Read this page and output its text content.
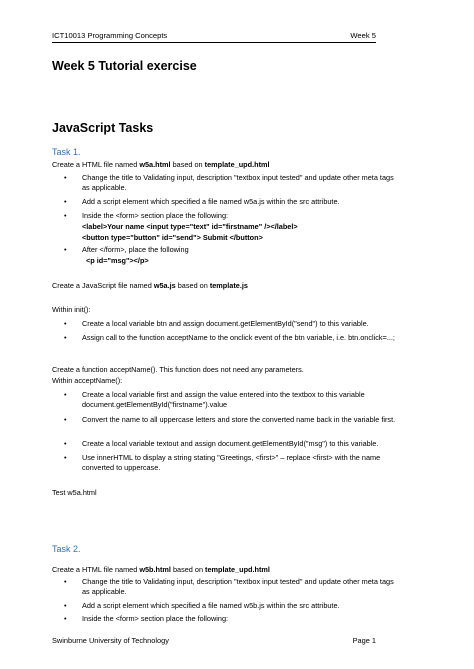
ICT10013 Programming Concepts	Week 5
Week 5 Tutorial exercise
JavaScript Tasks
Task 1.
Create a HTML file named w5a.html based on template_upd.html
• Change the title to Validating input, description "textbox input tested" and update other meta tags as applicable.
• Add a script element which specified a file named w5a.js within the src attribute.
• Inside the <form> section place the following:
<label>Your name <input type="text" id="firstname" /></label>
<button type="button" id="send"> Submit </button>
• After </form>, place the following
<p id="msg"></p>
Create a JavaScript file named w5a.js based on template.js
Within init():
• Create a local variable btn and assign document.getElementById("send") to this variable.
• Assign call to the function acceptName to the onclick event of the btn variable, i.e. btn.onclick=...;
Create a function acceptName(). This function does not need any parameters.
Within acceptName():
• Create a local variable first and assign the value entered into the textbox to this variable document.getElementById("firstname").value
• Convert the name to all uppercase letters and store the converted name back in the variable first.
• Create a local variable textout and assign document.getElementById("msg") to this variable.
• Use innerHTML to display a string stating "Greetings, <first>" – replace <first> with the name converted to uppercase.
Test w5a.html
Task 2.
Create a HTML file named w5b.html based on template_upd.html
• Change the title to Validating input, description "textbox input tested" and update other meta tags as applicable.
• Add a script element which specified a file named w5b.js within the src attribute.
• Inside the <form> section place the following:
Swinburne University of Technology	Page 1
